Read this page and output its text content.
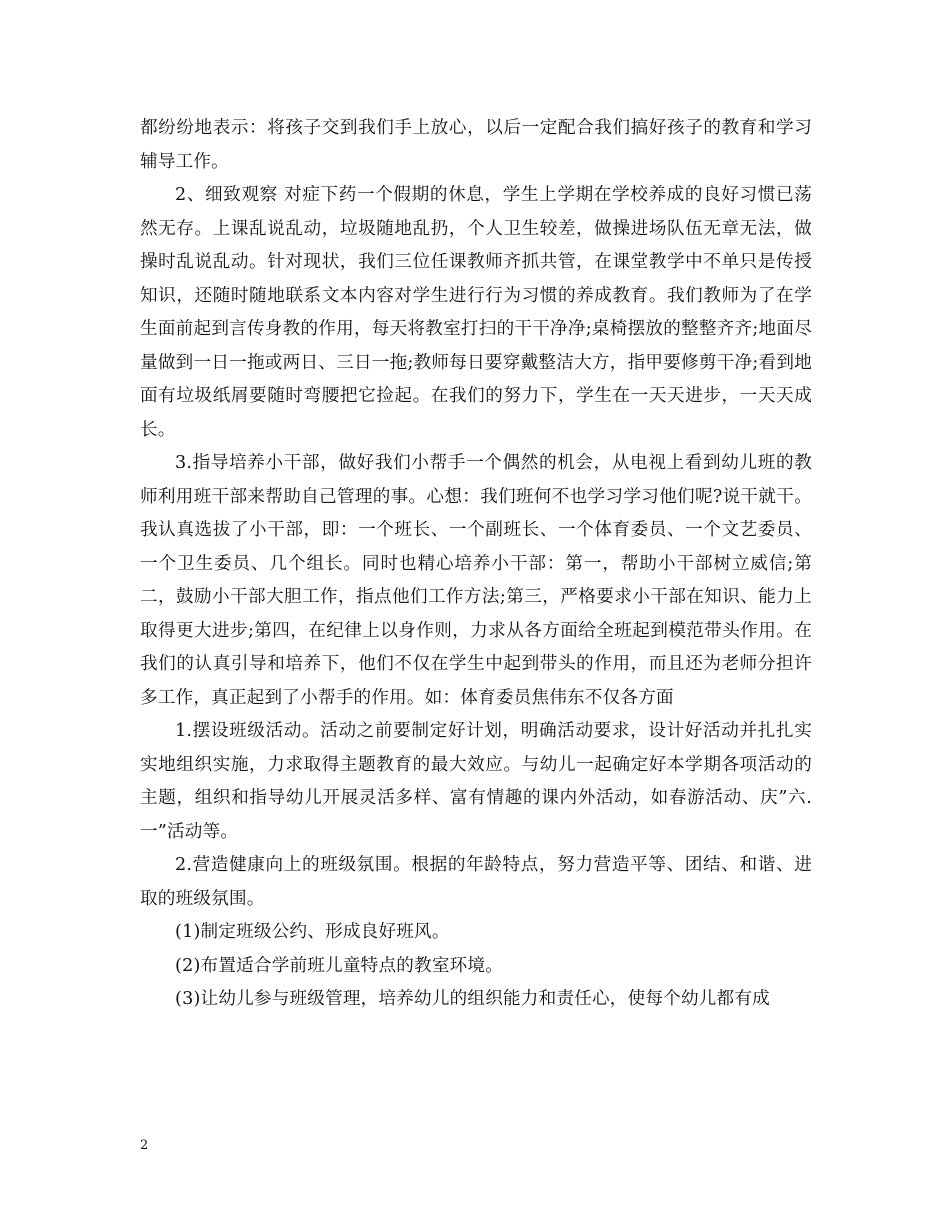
都纷纷地表示：将孩子交到我们手上放心，以后一定配合我们搞好孩子的教育和学习辅导工作。

2、细致观察 对症下药一个假期的休息，学生上学期在学校养成的良好习惯已荡然无存。上课乱说乱动，垃圾随地乱扔，个人卫生较差，做操进场队伍无章无法，做操时乱说乱动。针对现状，我们三位任课教师齐抓共管，在课堂教学中不单只是传授知识，还随时随地联系文本内容对学生进行行为习惯的养成教育。我们教师为了在学生面前起到言传身教的作用，每天将教室打扫的干干净净;桌椅摆放的整整齐齐;地面尽量做到一日一拖或两日、三日一拖;教师每日要穿戴整洁大方，指甲要修剪干净;看到地面有垃圾纸屑要随时弯腰把它捡起。在我们的努力下，学生在一天天进步，一天天成长。

3.指导培养小干部，做好我们小帮手一个偶然的机会，从电视上看到幼儿班的教师利用班干部来帮助自己管理的事。心想：我们班何不也学习学习他们呢?说干就干。我认真选拔了小干部，即：一个班长、一个副班长、一个体育委员、一个文艺委员、一个卫生委员、几个组长。同时也精心培养小干部：第一，帮助小干部树立威信;第二，鼓励小干部大胆工作，指点他们工作方法;第三，严格要求小干部在知识、能力上取得更大进步;第四，在纪律上以身作则，力求从各方面给全班起到模范带头作用。在我们的认真引导和培养下，他们不仅在学生中起到带头的作用，而且还为老师分担许多工作，真正起到了小帮手的作用。如：体育委员焦伟东不仅各方面

1.摆设班级活动。活动之前要制定好计划，明确活动要求，设计好活动并扎扎实实地组织实施，力求取得主题教育的最大效应。与幼儿一起确定好本学期各项活动的主题，组织和指导幼儿开展灵活多样、富有情趣的课内外活动，如春游活动、庆”六.一”活动等。

2.营造健康向上的班级氛围。根据的年龄特点，努力营造平等、团结、和谐、进取的班级氛围。

(1)制定班级公约、形成良好班风。

(2)布置适合学前班儿童特点的教室环境。

(3)让幼儿参与班级管理，培养幼儿的组织能力和责任心，使每个幼儿都有成

2
